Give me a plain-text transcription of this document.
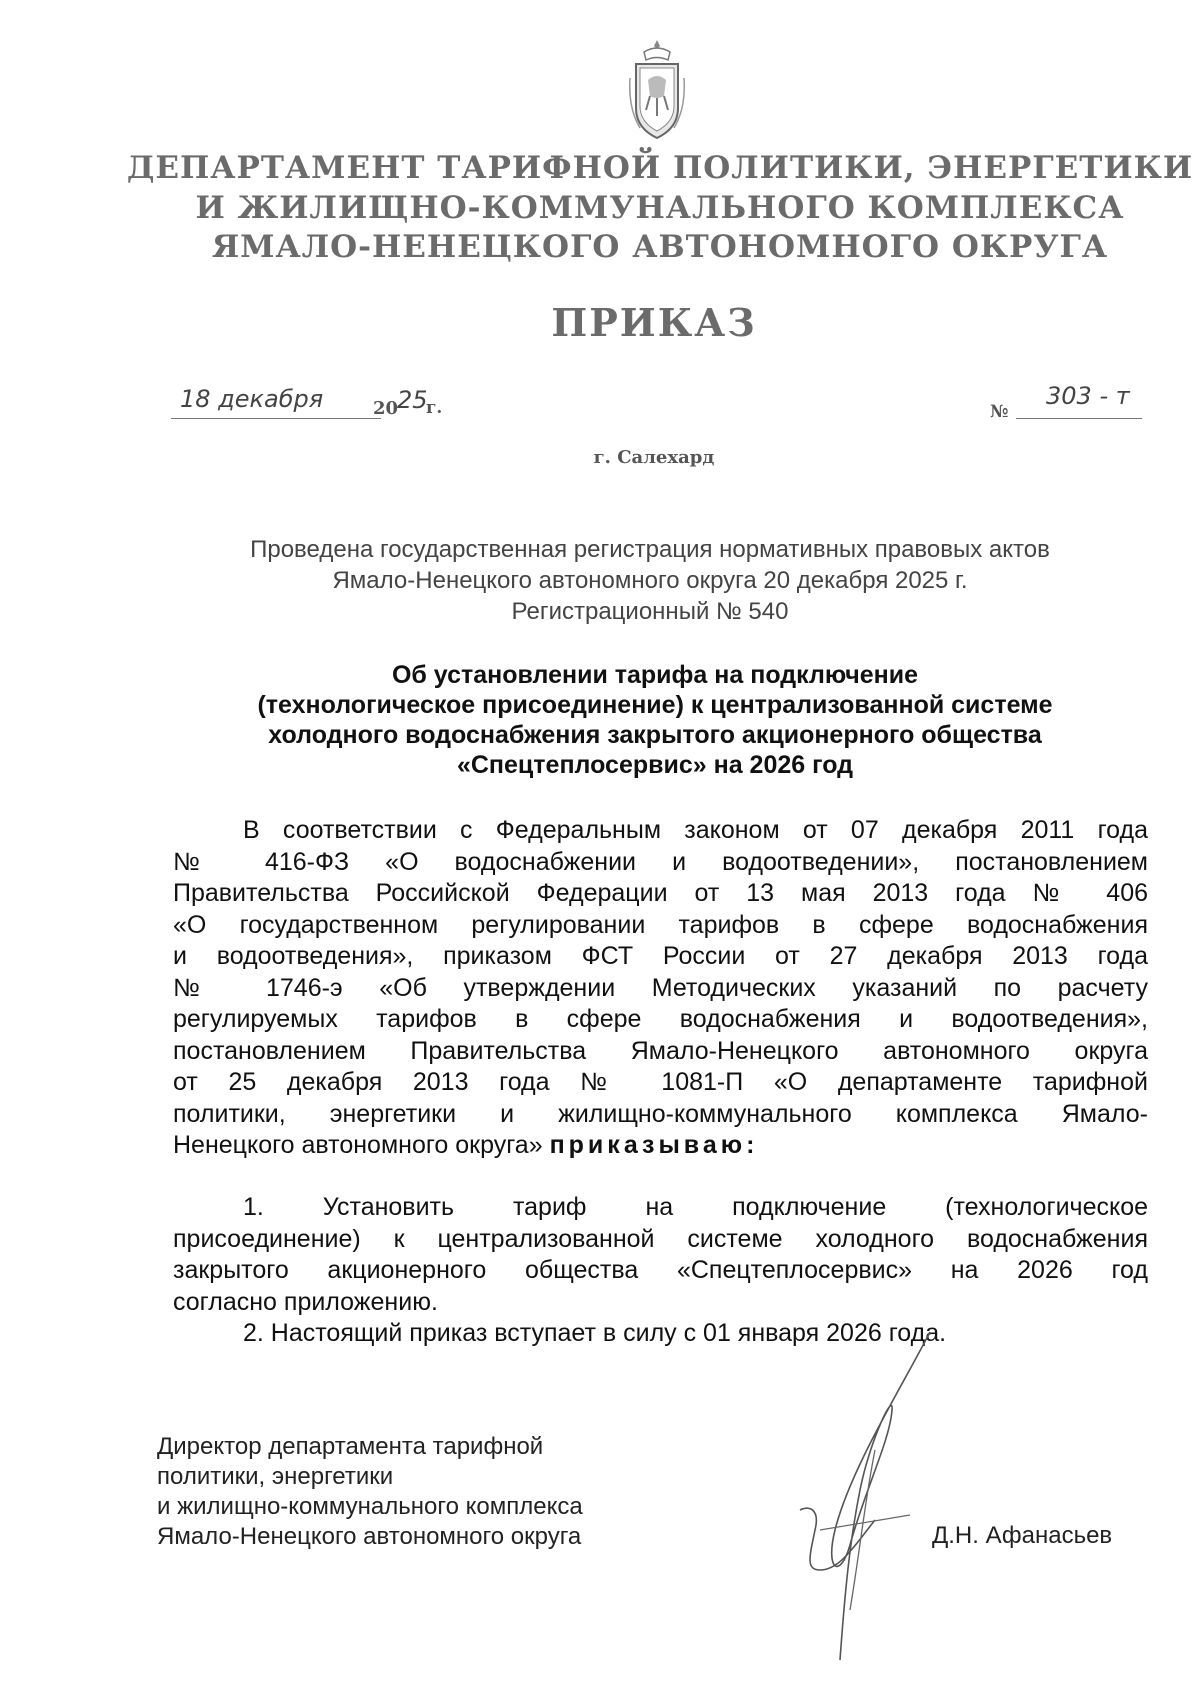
ДЕПАРТАМЕНТ ТАРИФНОЙ ПОЛИТИКИ, ЭНЕРГЕТИКИ
И ЖИЛИЩНО-КОММУНАЛЬНОГО КОМПЛЕКСА
ЯМАЛО-НЕНЕЦКОГО АВТОНОМНОГО ОКРУГА
ПРИКАЗ
18 декабря	20
25
г.	№
303 - т
г. Салехард
Проведена государственная регистрация нормативных правовых актов
Ямало-Ненецкого автономного округа 20 декабря 2025 г.
Регистрационный № 540
Об установлении тарифа на подключение
(технологическое присоединение) к централизованной системе
холодного водоснабжения закрытого акционерного общества
«Спецтеплосервис» на 2026 год
В соответствии с Федеральным законом от 07 декабря 2011 года
№ 416-ФЗ «О водоснабжении и водоотведении», постановлением
Правительства Российской Федерации от 13 мая 2013 года № 406
«О государственном регулировании тарифов в сфере водоснабжения
и водоотведения», приказом ФСТ России от 27 декабря 2013 года
№ 1746-э «Об утверждении Методических указаний по расчету
регулируемых тарифов в сфере водоснабжения и водоотведения»,
постановлением Правительства Ямало-Ненецкого автономного округа
от 25 декабря 2013 года № 1081-П «О департаменте тарифной
политики, энергетики и жилищно-коммунального комплекса Ямало-
Ненецкого автономного округа» приказываю:
1. Установить тариф на подключение (технологическое
присоединение) к централизованной системе холодного водоснабжения
закрытого акционерного общества «Спецтеплосервис» на 2026 год
согласно приложению.
2. Настоящий приказ вступает в силу с 01 января 2026 года.
Директор департамента тарифной
политики, энергетики
и жилищно-коммунального комплекса
Ямало-Ненецкого автономного округа	Д.Н. Афанасьев
